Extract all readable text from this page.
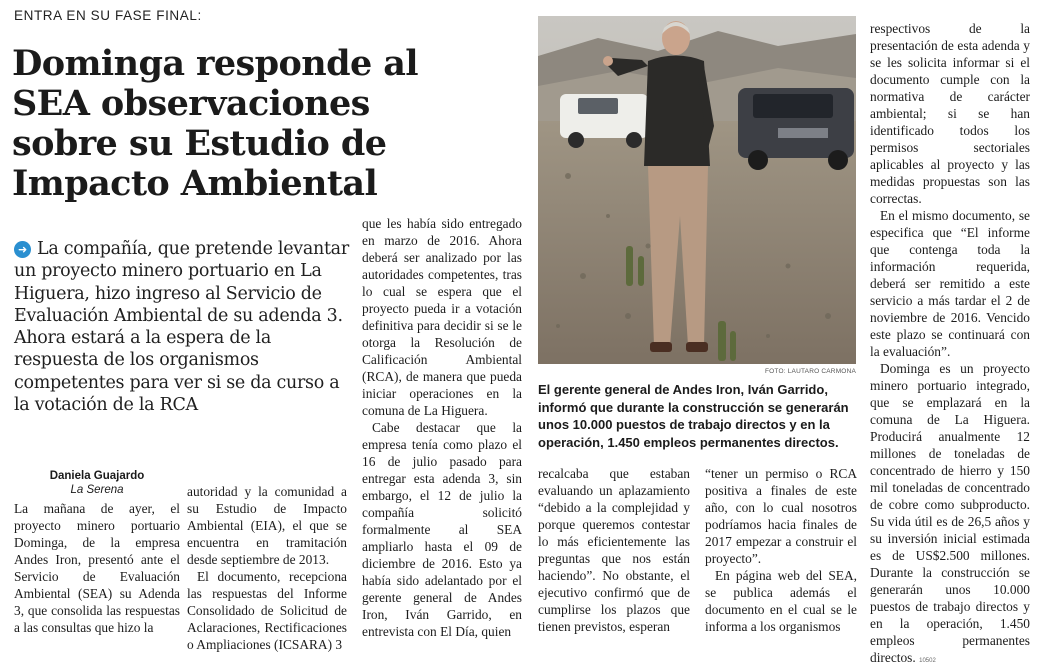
ENTRA EN SU FASE FINAL:
Dominga responde al SEA observaciones sobre su Estudio de Impacto Ambiental
➜ La compañía, que pretende levantar un proyecto minero portuario en La Higuera, hizo ingreso al Servicio de Evaluación Ambiental de su adenda 3. Ahora estará a la espera de la respuesta de los organismos competentes para ver si se da curso a la votación de la RCA
Daniela Guajardo
La Serena

La mañana de ayer, el proyecto minero portuario Dominga, de la empresa Andes Iron, presentó ante el Servicio de Evaluación Ambiental (SEA) su Adenda 3, que consolida las respuestas a las consultas que hizo la

autoridad y la comunidad a su Estudio de Impacto Ambiental (EIA), el que se encuentra en tramitación desde septiembre de 2013.

El documento, recepciona las respuestas del Informe Consolidado de Solicitud de Aclaraciones, Rectificaciones o Ampliaciones (ICSARA) 3

que les había sido entregado en marzo de 2016. Ahora deberá ser analizado por las autoridades competentes, tras lo cual se espera que el proyecto pueda ir a votación definitiva para decidir si se le otorga la Resolución de Calificación Ambiental (RCA), de manera que pueda iniciar operaciones en la comuna de La Higuera.

Cabe destacar que la empresa tenía como plazo el 16 de julio pasado para entregar esta adenda 3, sin embargo, el 12 de julio la compañía solicitó formalmente al SEA ampliarlo hasta el 09 de diciembre de 2016. Esto ya había sido adelantado por el gerente general de Andes Iron, Iván Garrido, en entrevista con El Día, quien

FOTO: LAUTARO CARMONA
El gerente general de Andes Iron, Iván Garrido, informó que durante la construcción se generarán unos 10.000 puestos de trabajo directos y en la operación, 1.450 empleos permanentes directos.

recalcaba que estaban evaluando un aplazamiento “debido a la complejidad y porque queremos contestar lo más eficientemente las preguntas que nos están haciendo”. No obstante, el ejecutivo confirmó que de cumplirse los plazos que tienen previstos, esperan

“tener un permiso o RCA positiva a finales de este año, con lo cual nosotros podríamos hacia finales de 2017 empezar a construir el proyecto”.

En página web del SEA, se publica además el documento en el cual se le informa a los organismos

respectivos de la presentación de esta adenda y se les solicita informar si el documento cumple con la normativa de carácter ambiental; si se han identificado todos los permisos sectoriales aplicables al proyecto y las medidas propuestas son las correctas.

En el mismo documento, se especifica que “El informe que contenga toda la información requerida, deberá ser remitido a este servicio a más tardar el 2 de noviembre de 2016. Vencido este plazo se continuará con la evaluación”.

Dominga es un proyecto minero portuario integrado, que se emplazará en la comuna de La Higuera. Producirá anualmente 12 millones de toneladas de concentrado de hierro y 150 mil toneladas de concentrado de cobre como subproducto. Su vida útil es de 26,5 años y su inversión inicial estimada es de US$2.500 millones. Durante la construcción se generarán unos 10.000 puestos de trabajo directos y en la operación, 1.450 empleos permanentes directos. 10502
